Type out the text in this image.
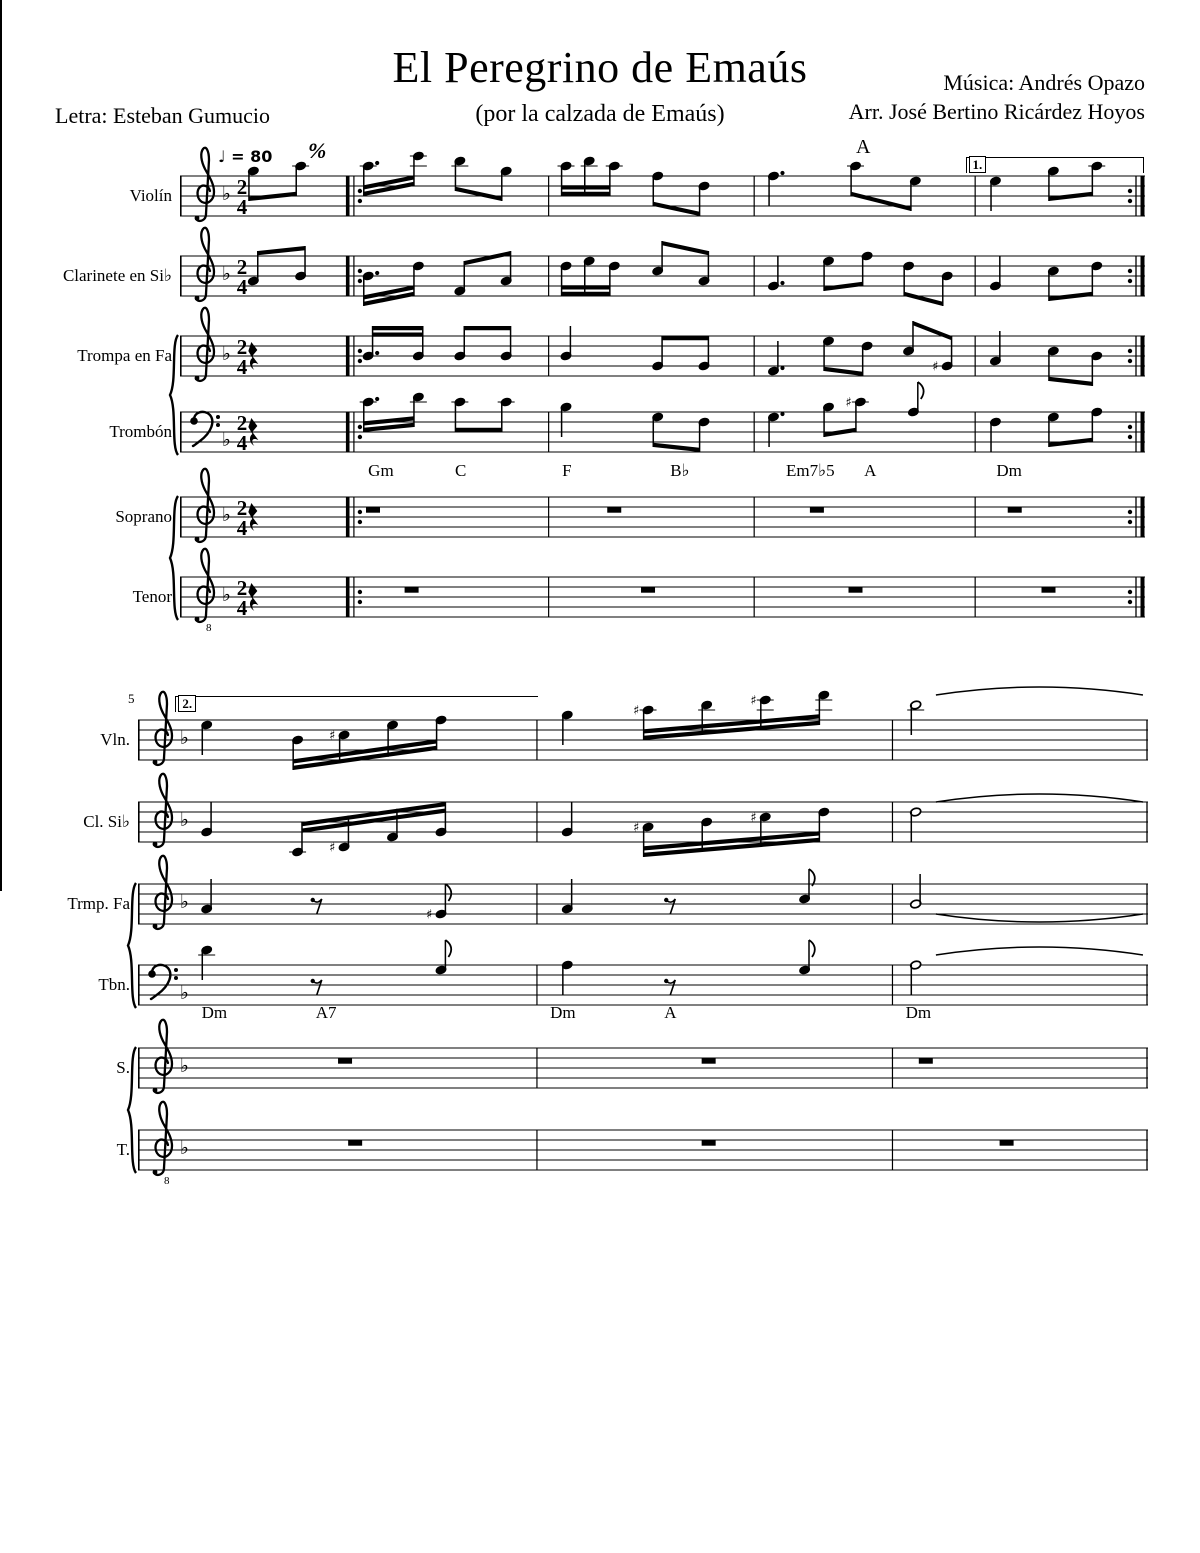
El Peregrino de Emaús
(por la calzada de Emaús)
Música: Andrés Opazo
Arr. José Bertino Ricárdez Hoyos
Letra: Esteban Gumucio
♩ = 80 %	A
5
Violín	♭ 2
4
Clarinete en Si♭	♭ 2
4
Trompa en Fa	♭ 2
4	♯
Trombón	♭
2
4
♯
Soprano	♭ 2
4
Tenor
8
♭ 2
4
Gm	C	F	B♭	Em7♭5 A	Dm
1.
Vln.	♭	♯
♯
♯
Cl. Si♭	♭
♯
♯
♯
Trmp. Fa	♭
♯
Tbn.	♭
S.	♭
T.
8
♭
Dm	A7	Dm	A	Dm
2.
